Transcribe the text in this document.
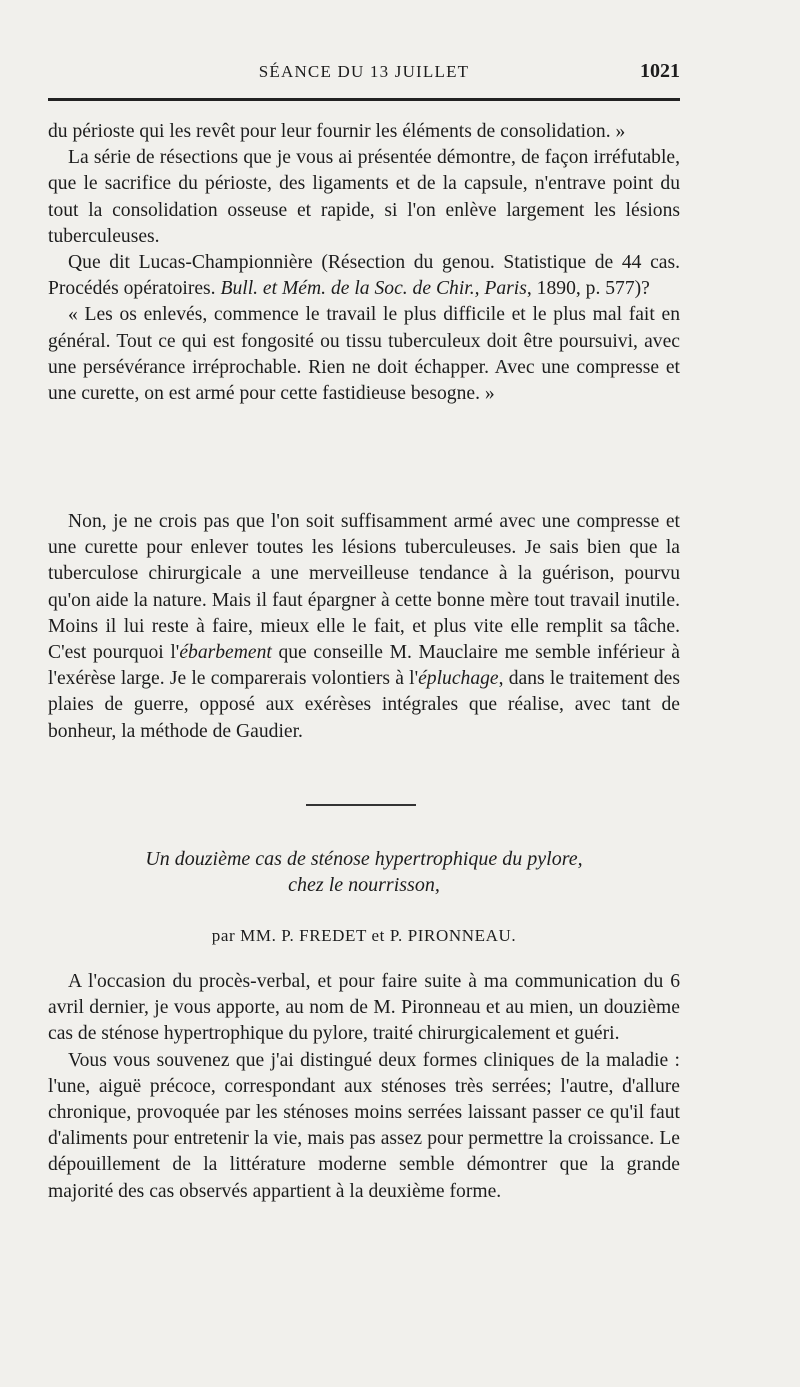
SÉANCE DU 13 JUILLET	1021

du périoste qui les revêt pour leur fournir les éléments de consolidation. »

La série de résections que je vous ai présentée démontre, de façon irréfutable, que le sacrifice du périoste, des ligaments et de la capsule, n'entrave point du tout la consolidation osseuse et rapide, si l'on enlève largement les lésions tuberculeuses.

Que dit Lucas-Championnière (Résection du genou. Statistique de 44 cas. Procédés opératoires. Bull. et Mém. de la Soc. de Chir., Paris, 1890, p. 577)?

« Les os enlevés, commence le travail le plus difficile et le plus mal fait en général. Tout ce qui est fongosité ou tissu tuberculeux doit être poursuivi, avec une persévérance irréprochable. Rien ne doit échapper. Avec une compresse et une curette, on est armé pour cette fastidieuse besogne. »

Non, je ne crois pas que l'on soit suffisamment armé avec une compresse et une curette pour enlever toutes les lésions tuberculeuses. Je sais bien que la tuberculose chirurgicale a une merveilleuse tendance à la guérison, pourvu qu'on aide la nature. Mais il faut épargner à cette bonne mère tout travail inutile. Moins il lui reste à faire, mieux elle le fait, et plus vite elle remplit sa tâche. C'est pourquoi l'ébarbement que conseille M. Mauclaire me semble inférieur à l'exérèse large. Je le comparerais volontiers à l'épluchage, dans le traitement des plaies de guerre, opposé aux exérèses intégrales que réalise, avec tant de bonheur, la méthode de Gaudier.

Un douzième cas de sténose hypertrophique du pylore,
chez le nourrisson,
par MM. P. FREDET et P. PIRONNEAU.

A l'occasion du procès-verbal, et pour faire suite à ma communication du 6 avril dernier, je vous apporte, au nom de M. Pironneau et au mien, un douzième cas de sténose hypertrophique du pylore, traité chirurgicalement et guéri.

Vous vous souvenez que j'ai distingué deux formes cliniques de la maladie : l'une, aiguë précoce, correspondant aux sténoses très serrées; l'autre, d'allure chronique, provoquée par les sténoses moins serrées laissant passer ce qu'il faut d'aliments pour entretenir la vie, mais pas assez pour permettre la croissance. Le dépouillement de la littérature moderne semble démontrer que la grande majorité des cas observés appartient à la deuxième forme.
